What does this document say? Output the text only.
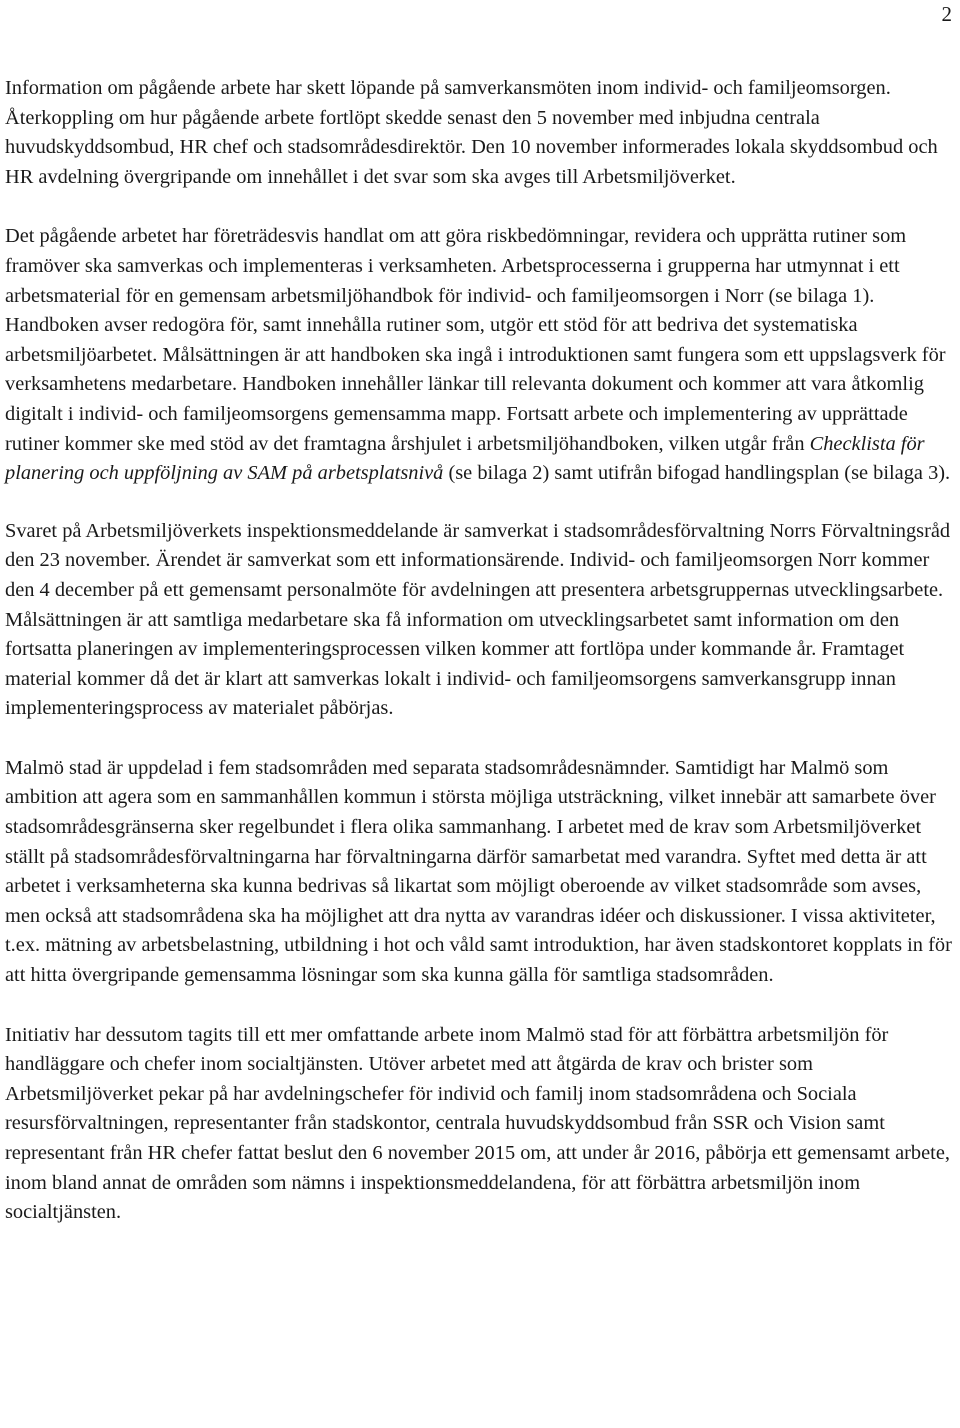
2

Information om pågående arbete har skett löpande på samverkansmöten inom individ- och familjeomsorgen. Återkoppling om hur pågående arbete fortlöpt skedde senast den 5 november med inbjudna centrala huvudskyddsombud, HR chef och stadsområdesdirektör. Den 10 november informerades lokala skyddsombud och HR avdelning övergripande om innehållet i det svar som ska avges till Arbetsmiljöverket.

Det pågående arbetet har företrädesvis handlat om att göra riskbedömningar, revidera och upprätta rutiner som framöver ska samverkas och implementeras i verksamheten. Arbetsprocesserna i grupperna har utmynnat i ett arbetsmaterial för en gemensam arbetsmiljöhandbok för individ- och familjeomsorgen i Norr (se bilaga 1). Handboken avser redogöra för, samt innehålla rutiner som, utgör ett stöd för att bedriva det systematiska arbetsmiljöarbetet. Målsättningen är att handboken ska ingå i introduktionen samt fungera som ett uppslagsverk för verksamhetens medarbetare. Handboken innehåller länkar till relevanta dokument och kommer att vara åtkomlig digitalt i individ- och familjeomsorgens gemensamma mapp. Fortsatt arbete och implementering av upprättade rutiner kommer ske med stöd av det framtagna årshjulet i arbetsmiljöhandboken, vilken utgår från Checklista för planering och uppföljning av SAM på arbetsplatsnivå (se bilaga 2) samt utifrån bifogad handlingsplan (se bilaga 3).

Svaret på Arbetsmiljöverkets inspektionsmeddelande är samverkat i stadsområdesförvaltning Norrs Förvaltningsråd den 23 november. Ärendet är samverkat som ett informationsärende. Individ- och familjeomsorgen Norr kommer den 4 december på ett gemensamt personalmöte för avdelningen att presentera arbetsgruppernas utvecklingsarbete. Målsättningen är att samtliga medarbetare ska få information om utvecklingsarbetet samt information om den fortsatta planeringen av implementeringsprocessen vilken kommer att fortlöpa under kommande år. Framtaget material kommer då det är klart att samverkas lokalt i individ- och familjeomsorgens samverkansgrupp innan implementeringsprocess av materialet påbörjas.

Malmö stad är uppdelad i fem stadsområden med separata stadsområdesnämnder. Samtidigt har Malmö som ambition att agera som en sammanhållen kommun i största möjliga utsträckning, vilket innebär att samarbete över stadsområdesgränserna sker regelbundet i flera olika sammanhang. I arbetet med de krav som Arbetsmiljöverket ställt på stadsområdesförvaltningarna har förvaltningarna därför samarbetat med varandra. Syftet med detta är att arbetet i verksamheterna ska kunna bedrivas så likartat som möjligt oberoende av vilket stadsområde som avses, men också att stadsområdena ska ha möjlighet att dra nytta av varandras idéer och diskussioner. I vissa aktiviteter, t.ex. mätning av arbetsbelastning, utbildning i hot och våld samt introduktion, har även stadskontoret kopplats in för att hitta övergripande gemensamma lösningar som ska kunna gälla för samtliga stadsområden.

Initiativ har dessutom tagits till ett mer omfattande arbete inom Malmö stad för att förbättra arbetsmiljön för handläggare och chefer inom socialtjänsten. Utöver arbetet med att åtgärda de krav och brister som Arbetsmiljöverket pekar på har avdelningschefer för individ och familj inom stadsområdena och Sociala resursförvaltningen, representanter från stadskontor, centrala huvudskyddsombud från SSR och Vision samt representant från HR chefer fattat beslut den 6 november 2015 om, att under år 2016, påbörja ett gemensamt arbete, inom bland annat de områden som nämns i inspektionsmeddelandena, för att förbättra arbetsmiljön inom socialtjänsten.
